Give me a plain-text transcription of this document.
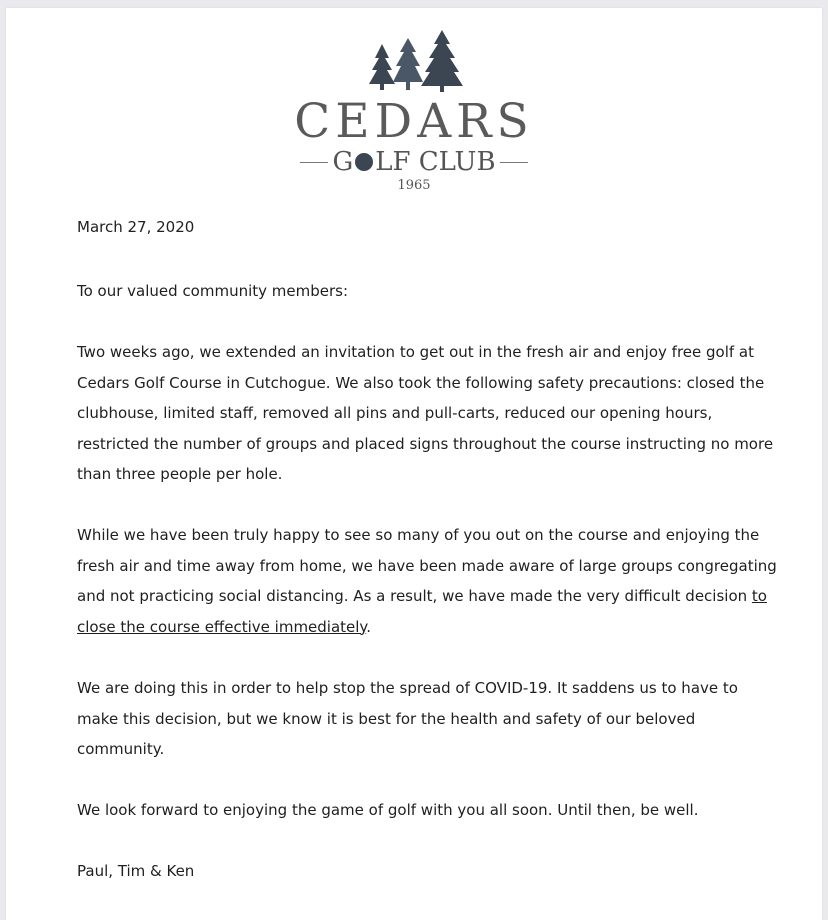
CEDARS
G LF CLUB
1965
March 27, 2020
To our valued community members:

Two weeks ago, we extended an invitation to get out in the fresh air and enjoy free golf at Cedars Golf Course in Cutchogue. We also took the following safety precautions: closed the clubhouse, limited staff, removed all pins and pull-carts, reduced our opening hours, restricted the number of groups and placed signs throughout the course instructing no more than three people per hole.

While we have been truly happy to see so many of you out on the course and enjoying the fresh air and time away from home, we have been made aware of large groups congregating and not practicing social distancing. As a result, we have made the very difficult decision to close the course effective immediately.

We are doing this in order to help stop the spread of COVID-19. It saddens us to have to make this decision, but we know it is best for the health and safety of our beloved community.

We look forward to enjoying the game of golf with you all soon. Until then, be well.

Paul, Tim & Ken
